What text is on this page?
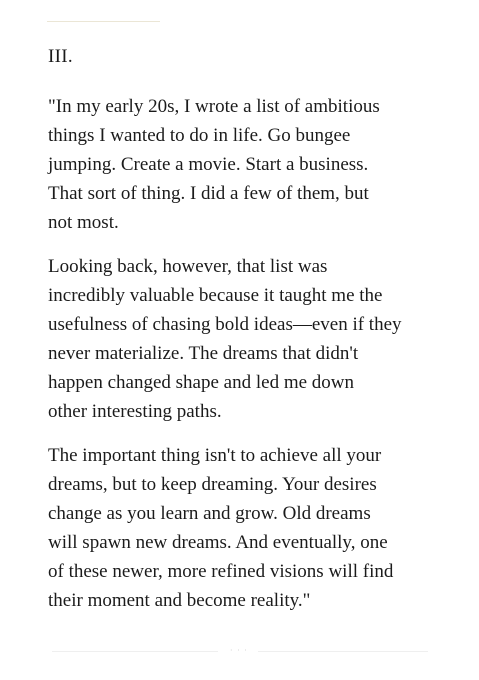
III.

"In my early 20s, I wrote a list of ambitious
things I wanted to do in life. Go bungee
jumping. Create a movie. Start a business.
That sort of thing. I did a few of them, but
not most.

Looking back, however, that list was
incredibly valuable because it taught me the
usefulness of chasing bold ideas—even if they
never materialize. The dreams that didn't
happen changed shape and led me down
other interesting paths.

The important thing isn't to achieve all your
dreams, but to keep dreaming. Your desires
change as you learn and grow. Old dreams
will spawn new dreams. And eventually, one
of these newer, more refined visions will find
their moment and become reality."

· · ·
